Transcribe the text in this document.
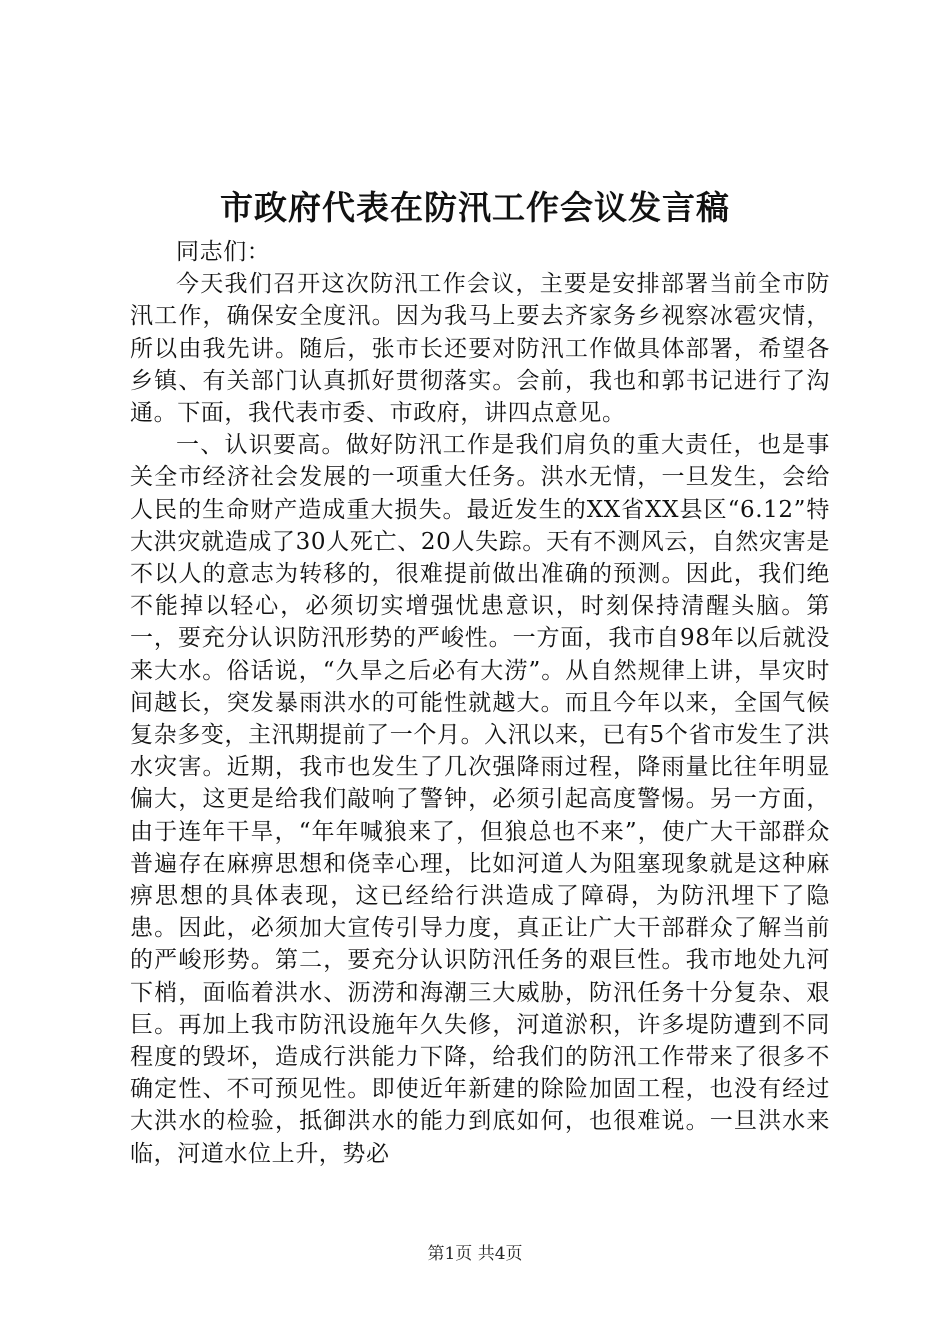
市政府代表在防汛工作会议发言稿

同志们：

今天我们召开这次防汛工作会议，主要是安排部署当前全市防汛工作，确保安全度汛。因为我马上要去齐家务乡视察冰雹灾情，所以由我先讲。随后，张市长还要对防汛工作做具体部署，希望各乡镇、有关部门认真抓好贯彻落实。会前，我也和郭书记进行了沟通。下面，我代表市委、市政府，讲四点意见。

一、认识要高。做好防汛工作是我们肩负的重大责任，也是事关全市经济社会发展的一项重大任务。洪水无情，一旦发生，会给人民的生命财产造成重大损失。最近发生的XX省XX县区“6.12”特大洪灾就造成了30人死亡、20人失踪。天有不测风云，自然灾害是不以人的意志为转移的，很难提前做出准确的预测。因此，我们绝不能掉以轻心，必须切实增强忧患意识，时刻保持清醒头脑。第一，要充分认识防汛形势的严峻性。一方面，我市自98年以后就没来大水。俗话说，“久旱之后必有大涝”。从自然规律上讲，旱灾时间越长，突发暴雨洪水的可能性就越大。而且今年以来，全国气候复杂多变，主汛期提前了一个月。入汛以来，已有5个省市发生了洪水灾害。近期，我市也发生了几次强降雨过程，降雨量比往年明显偏大，这更是给我们敲响了警钟，必须引起高度警惕。另一方面，由于连年干旱，“年年喊狼来了，但狼总也不来”，使广大干部群众普遍存在麻痹思想和侥幸心理，比如河道人为阻塞现象就是这种麻痹思想的具体表现，这已经给行洪造成了障碍，为防汛埋下了隐患。因此，必须加大宣传引导力度，真正让广大干部群众了解当前的严峻形势。第二，要充分认识防汛任务的艰巨性。我市地处九河下梢，面临着洪水、沥涝和海潮三大威胁，防汛任务十分复杂、艰巨。再加上我市防汛设施年久失修，河道淤积，许多堤防遭到不同程度的毁坏，造成行洪能力下降，给我们的防汛工作带来了很多不确定性、不可预见性。即使近年新建的除险加固工程，也没有经过大洪水的检验，抵御洪水的能力到底如何，也很难说。一旦洪水来临，河道水位上升，势必

第1页 共4页
